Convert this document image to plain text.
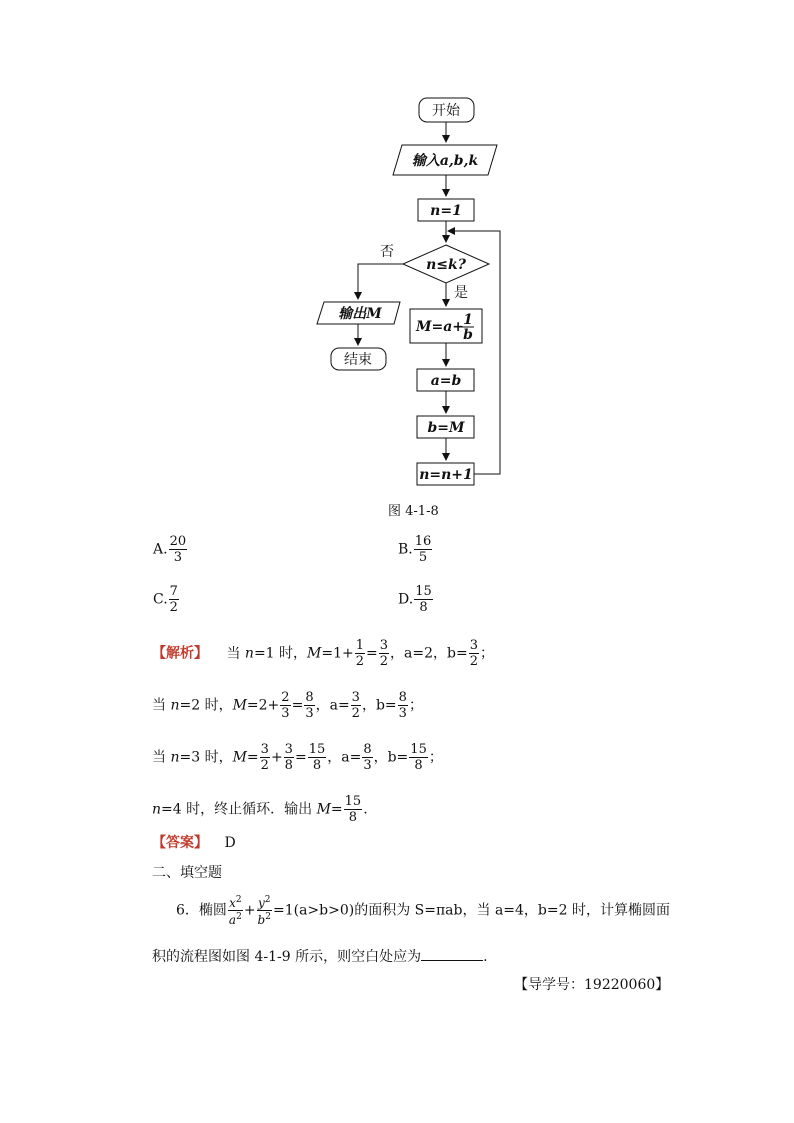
开始
输入a,b,k
n=1
n≤k?
否
是
输出M
结束
M=a+ 1
b
a=b
b=M
n=n+1
图 4-1-8
A. $\frac{20}{3}$	B. $\frac{16}{5}$
C. $\frac{7}{2}$	D. $\frac{15}{8}$
【解析】 当 n=1 时，$M=1+ \frac{1}{2} = \frac{3}{2}$ ，a=2，$b= \frac{3}{2}$ ；
当 n=2 时，$M=2+ \frac{2}{3} = \frac{8}{3}$ ，$a= \frac{3}{2}$ ，$b= \frac{8}{3}$ ；
当 n=3 时，$M= \frac{3}{2} + \frac{3}{8} = \frac{15}{8}$ ，$a= \frac{8}{3}$ ，$b= \frac{15}{8}$ ；
n=4 时，终止循环．输出 $M= \frac{15}{8}$ .
【答案】 D
二、填空题
6．椭圆 $\frac{x^2}{a^2} + \frac{y^2}{b^2} =1(a>b>0)$的面积为 S=πab，当 a=4，b=2 时，计算椭圆面
积的流程图如图 4-1-9 所示，则空白处应为	.
【导学号：19220060】
